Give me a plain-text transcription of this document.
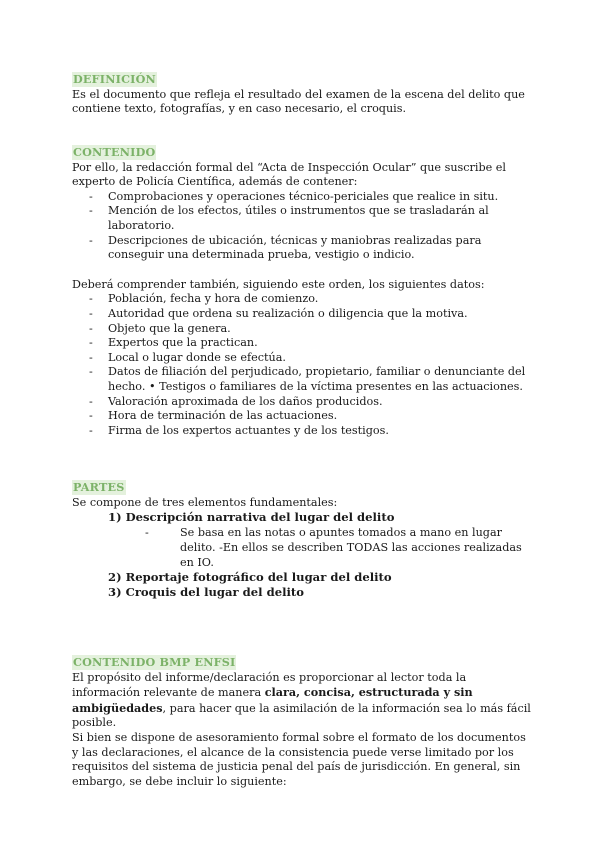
DEFINICIÓN

Es el documento que refleja el resultado del examen de la escena del delito que contiene texto, fotografías, y en caso necesario, el croquis.

CONTENIDO

Por ello, la redacción formal del “Acta de Inspección Ocular” que suscribe el experto de Policía Científica, además de contener:

- Comprobaciones y operaciones técnico-periciales que realice in situ.
- Mención de los efectos, útiles o instrumentos que se trasladarán al laboratorio.
- Descripciones de ubicación, técnicas y maniobras realizadas para conseguir una determinada prueba, vestigio o indicio.

Deberá comprender también, siguiendo este orden, los siguientes datos:

- Población, fecha y hora de comienzo.
- Autoridad que ordena su realización o diligencia que la motiva.
- Objeto que la genera.
- Expertos que la practican.
- Local o lugar donde se efectúa.
- Datos de filiación del perjudicado, propietario, familiar o denunciante del hecho. • Testigos o familiares de la víctima presentes en las actuaciones.
- Valoración aproximada de los daños producidos.
- Hora de terminación de las actuaciones.
- Firma de los expertos actuantes y de los testigos.
PARTES

Se compone de tres elementos fundamentales:

1) Descripción narrativa del lugar del delito
- Se basa en las notas o apuntes tomados a mano en lugar delito. -En ellos se describen TODAS las acciones realizadas en IO.
2) Reportaje fotográfico del lugar del delito
3) Croquis del lugar del delito
CONTENIDO BMP ENFSI

El propósito del informe/declaración es proporcionar al lector toda la información relevante de manera clara, concisa, estructurada y sin ambigüedades, para hacer que la asimilación de la información sea lo más fácil posible.

Si bien se dispone de asesoramiento formal sobre el formato de los documentos y las declaraciones, el alcance de la consistencia puede verse limitado por los requisitos del sistema de justicia penal del país de jurisdicción. En general, sin embargo, se debe incluir lo siguiente:
